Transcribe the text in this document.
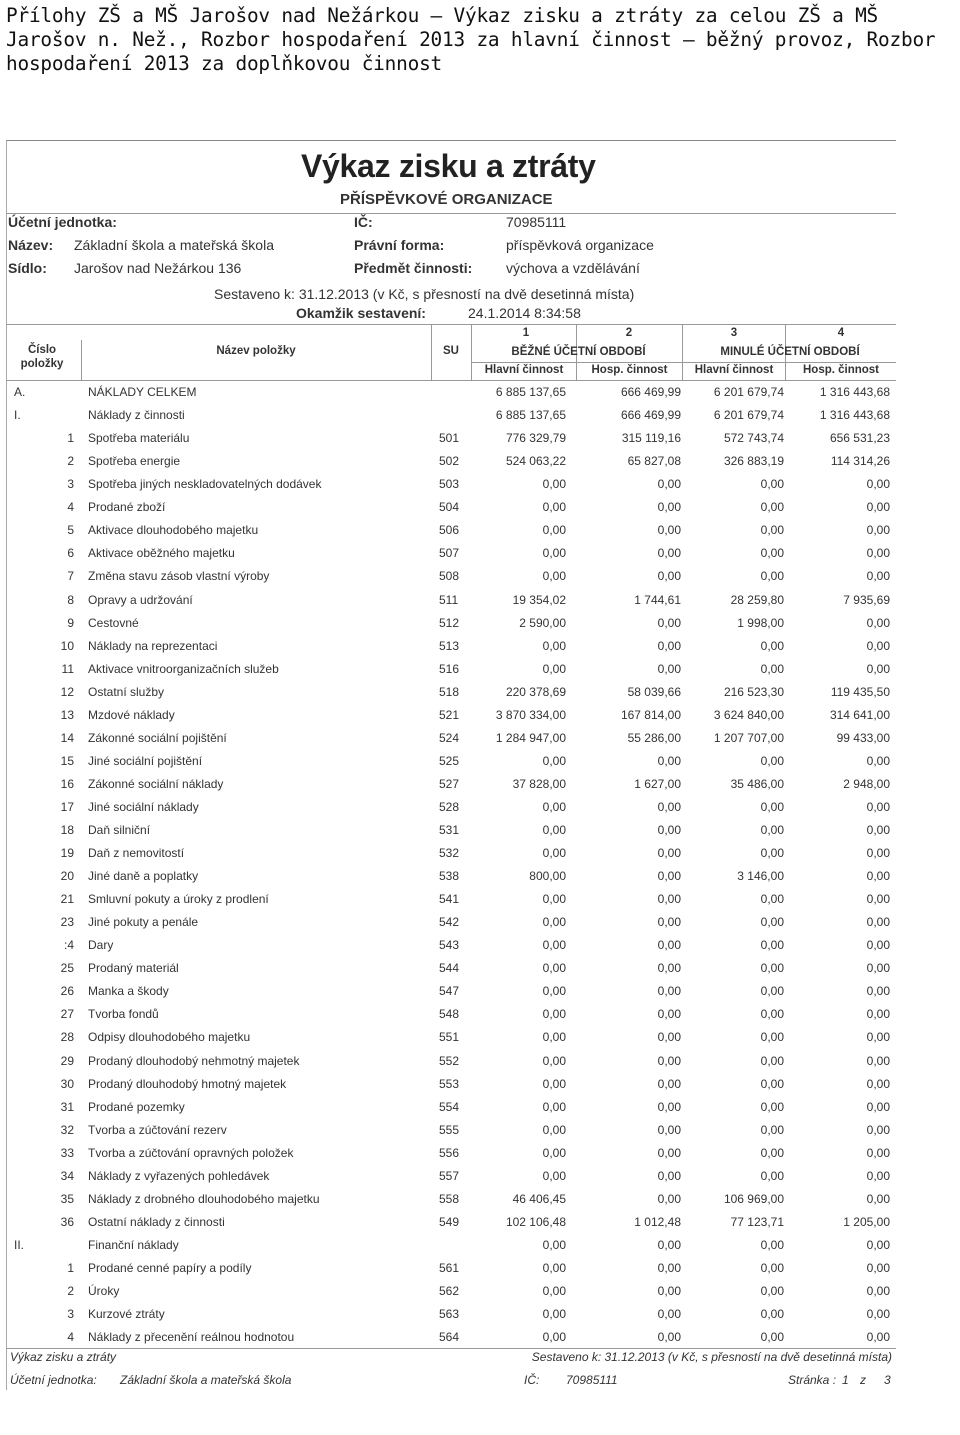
Přílohy ZŠ a MŠ Jarošov nad Nežárkou – Výkaz zisku a ztráty za celou ZŠ a MŠ Jarošov n. Než., Rozbor hospodaření 2013 za hlavní činnost – běžný provoz, Rozbor hospodaření 2013 za doplňkovou činnost
Výkaz zisku a ztráty
PŘÍSPĚVKOVÉ ORGANIZACE
Účetní jednotka:
Název: Základní škola a mateřská škola
Sídlo: Jarošov nad Nežárkou 136
IČ:	70985111
Právní forma:	příspěvková organizace
Předmět činnosti: výchova a vzdělávání
Sestaveno k: 31.12.2013 (v Kč, s přesností na dvě desetinná místa)
Okamžik sestavení:	24.1.2014 8:34:58
1	2	3	4
Číslo
položky
Název položky	SU	BĚŽNÉ ÚČETNÍ OBDOBÍ	MINULÉ ÚČETNÍ OBDOBÍ
Hlavní činnost	Hosp. činnost	Hlavní činnost	Hosp. činnost
A.	NÁKLADY CELKEM	6 885 137,65	666 469,99	6 201 679,74	1 316 443,68
I.	Náklady z činnosti	6 885 137,65	666 469,99	6 201 679,74	1 316 443,68
1 Spotřeba materiálu	501	776 329,79	315 119,16	572 743,74	656 531,23
2 Spotřeba energie	502	524 063,22	65 827,08	326 883,19	114 314,26
3 Spotřeba jiných neskladovatelných dodávek	503	0,00	0,00	0,00	0,00
4 Prodané zboží	504	0,00	0,00	0,00	0,00
5 Aktivace dlouhodobého majetku	506	0,00	0,00	0,00	0,00
6 Aktivace oběžného majetku	507	0,00	0,00	0,00	0,00
7 Změna stavu zásob vlastní výroby	508	0,00	0,00	0,00	0,00
8 Opravy a udržování	511	19 354,02	1 744,61	28 259,80	7 935,69
9 Cestovné	512	2 590,00	0,00	1 998,00	0,00
10 Náklady na reprezentaci	513	0,00	0,00	0,00	0,00
11 Aktivace vnitroorganizačních služeb	516	0,00	0,00	0,00	0,00
12 Ostatní služby	518	220 378,69	58 039,66	216 523,30	119 435,50
13 Mzdové náklady	521	3 870 334,00	167 814,00	3 624 840,00	314 641,00
14 Zákonné sociální pojištění	524	1 284 947,00	55 286,00	1 207 707,00	99 433,00
15 Jiné sociální pojištění	525	0,00	0,00	0,00	0,00
16 Zákonné sociální náklady	527	37 828,00	1 627,00	35 486,00	2 948,00
17 Jiné sociální náklady	528	0,00	0,00	0,00	0,00
18 Daň silniční	531	0,00	0,00	0,00	0,00
19 Daň z nemovitostí	532	0,00	0,00	0,00	0,00
20 Jiné daně a poplatky	538	800,00	0,00	3 146,00	0,00
21 Smluvní pokuty a úroky z prodlení	541	0,00	0,00	0,00	0,00
23 Jiné pokuty a penále	542	0,00	0,00	0,00	0,00
:4 Dary	543	0,00	0,00	0,00	0,00
25 Prodaný materiál	544	0,00	0,00	0,00	0,00
26 Manka a škody	547	0,00	0,00	0,00	0,00
27 Tvorba fondů	548	0,00	0,00	0,00	0,00
28 Odpisy dlouhodobého majetku	551	0,00	0,00	0,00	0,00
29 Prodaný dlouhodobý nehmotný majetek	552	0,00	0,00	0,00	0,00
30 Prodaný dlouhodobý hmotný majetek	553	0,00	0,00	0,00	0,00
31 Prodané pozemky	554	0,00	0,00	0,00	0,00
32 Tvorba a zúčtování rezerv	555	0,00	0,00	0,00	0,00
33 Tvorba a zúčtování opravných položek	556	0,00	0,00	0,00	0,00
34 Náklady z vyřazených pohledávek	557	0,00	0,00	0,00	0,00
35 Náklady z drobného dlouhodobého majetku	558	46 406,45	0,00	106 969,00	0,00
36 Ostatní náklady z činnosti	549	102 106,48	1 012,48	77 123,71	1 205,00
II.	Finanční náklady	0,00	0,00	0,00	0,00
1 Prodané cenné papíry a podíly	561	0,00	0,00	0,00	0,00
2 Úroky	562	0,00	0,00	0,00	0,00
3 Kurzové ztráty	563	0,00	0,00	0,00	0,00
4 Náklady z přecenění reálnou hodnotou	564	0,00	0,00	0,00	0,00
Výkaz zisku a ztráty	Sestaveno k: 31.12.2013 (v Kč, s přesností na dvě desetinná místa)
Účetní jednotka: Základní škola a mateřská škola	IČ: 70985111	Stránka : 1 z 3
